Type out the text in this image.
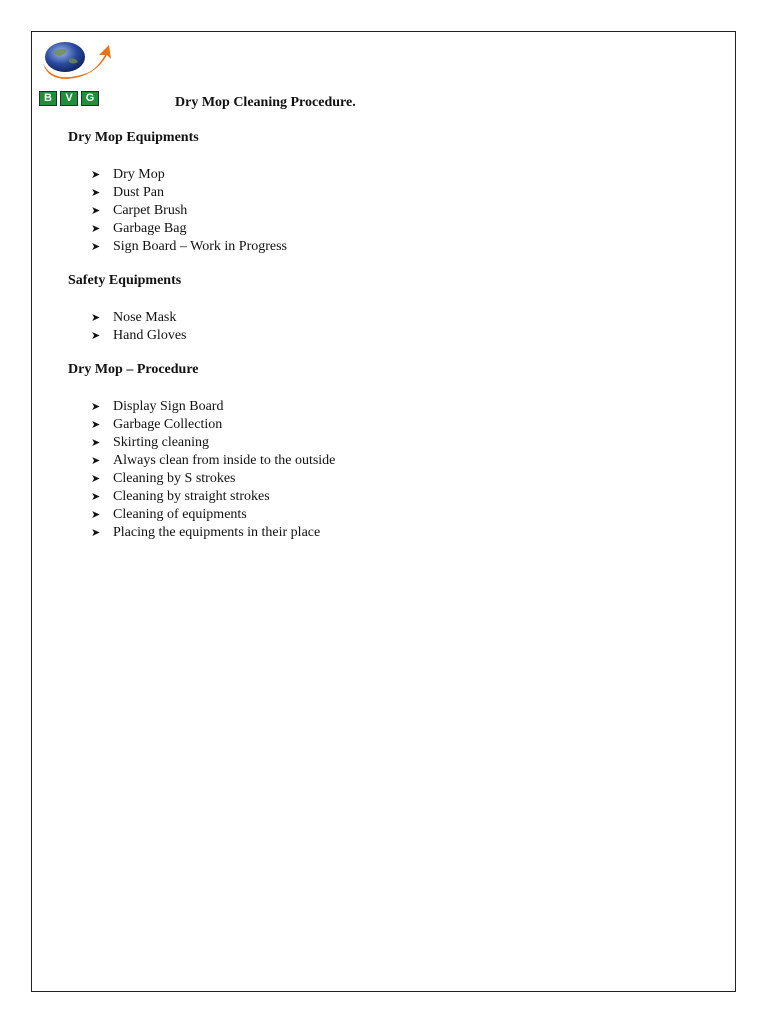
B	V	G	Dry Mop Cleaning Procedure.
Dry Mop Equipments
➤ Dry Mop
➤ Dust Pan
➤ Carpet Brush
➤ Garbage Bag
➤ Sign Board – Work in Progress
Safety Equipments
➤ Nose Mask
➤ Hand Gloves
Dry Mop – Procedure
➤ Display Sign Board
➤ Garbage Collection
➤ Skirting cleaning
➤ Always clean from inside to the outside
➤ Cleaning by S strokes
➤ Cleaning by straight strokes
➤ Cleaning of equipments
➤ Placing the equipments in their place
